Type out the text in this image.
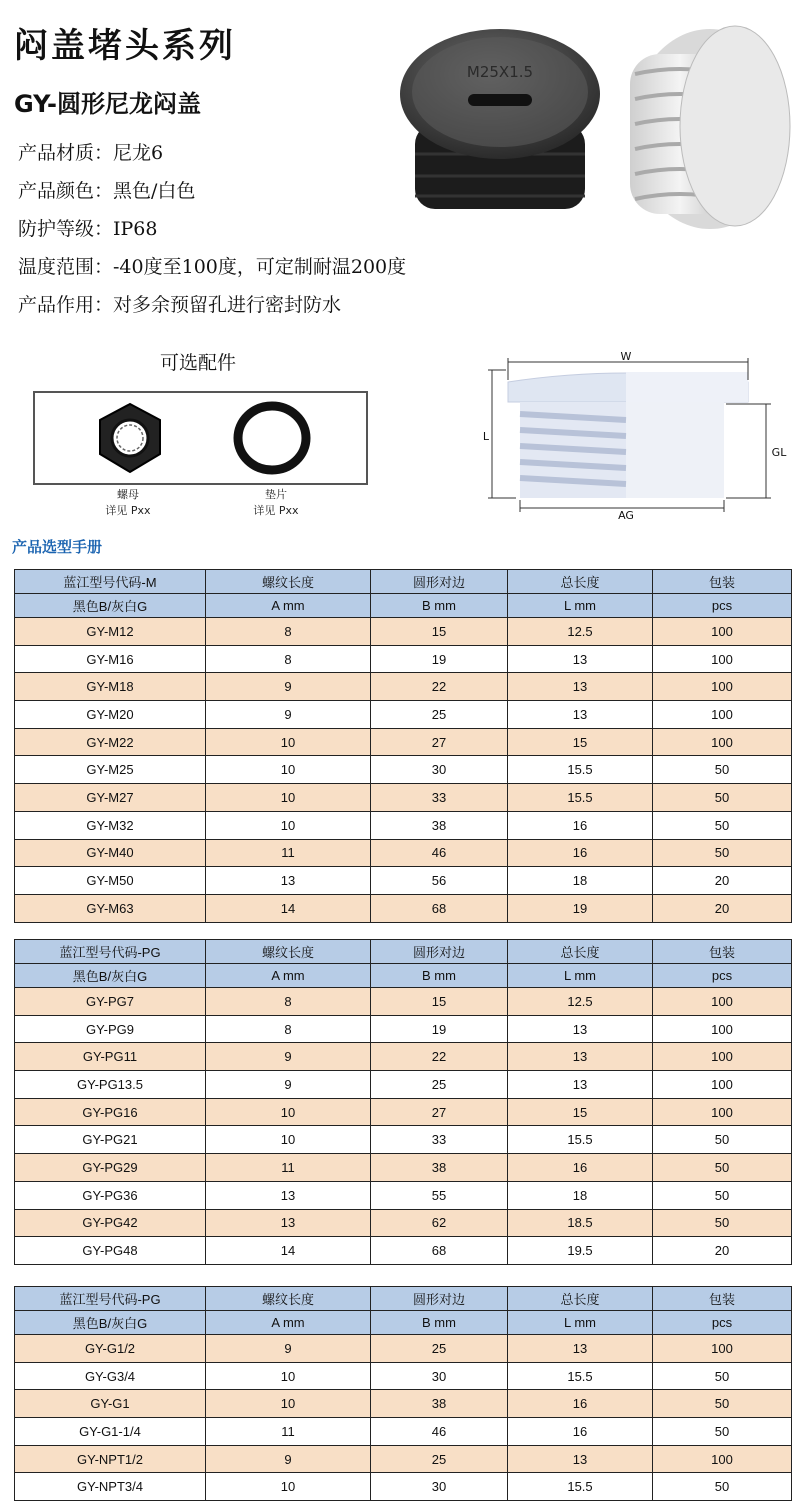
闷盖堵头系列
GY-圆形尼龙闷盖
产品材质：尼龙6
产品颜色：黑色/白色
防护等级：IP68
温度范围：-40度至100度，可定制耐温200度
产品作用：对多余预留孔进行密封防水
M25X1.5
可选配件
螺母
详见 Pxx
垫片
详见 Pxx
W
L
GL
AG
产品选型手册
蓝江型号代码-M	螺纹长度	圆形对边	总长度	包装
黑色B/灰白G	A mm	B mm	L mm	pcs
GY-M12	8	15	12.5	100
GY-M16	8	19	13	100
GY-M18	9	22	13	100
GY-M20	9	25	13	100
GY-M22	10	27	15	100
GY-M25	10	30	15.5	50
GY-M27	10	33	15.5	50
GY-M32	10	38	16	50
GY-M40	11	46	16	50
GY-M50	13	56	18	20
GY-M63	14	68	19	20
蓝江型号代码-PG	螺纹长度	圆形对边	总长度	包装
黑色B/灰白G	A mm	B mm	L mm	pcs
GY-PG7	8	15	12.5	100
GY-PG9	8	19	13	100
GY-PG11	9	22	13	100
GY-PG13.5	9	25	13	100
GY-PG16	10	27	15	100
GY-PG21	10	33	15.5	50
GY-PG29	11	38	16	50
GY-PG36	13	55	18	50
GY-PG42	13	62	18.5	50
GY-PG48	14	68	19.5	20
蓝江型号代码-PG	螺纹长度	圆形对边	总长度	包装
黑色B/灰白G	A mm	B mm	L mm	pcs
GY-G1/2	9	25	13	100
GY-G3/4	10	30	15.5	50
GY-G1	10	38	16	50
GY-G1-1/4	11	46	16	50
GY-NPT1/2	9	25	13	100
GY-NPT3/4	10	30	15.5	50
